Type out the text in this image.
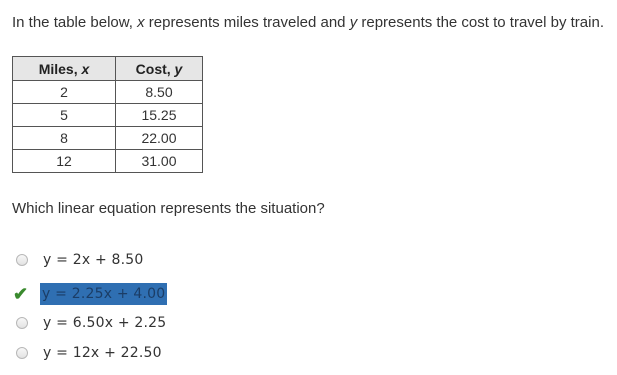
In the table below, x represents miles traveled and y represents the cost to travel by train.
Miles, x	Cost, y
2	8.50
5	15.25
8	22.00
12	31.00
Which linear equation represents the situation?
y = 2x + 8.50
✔ y = 2.25x + 4.00
y = 6.50x + 2.25
y = 12x + 22.50
